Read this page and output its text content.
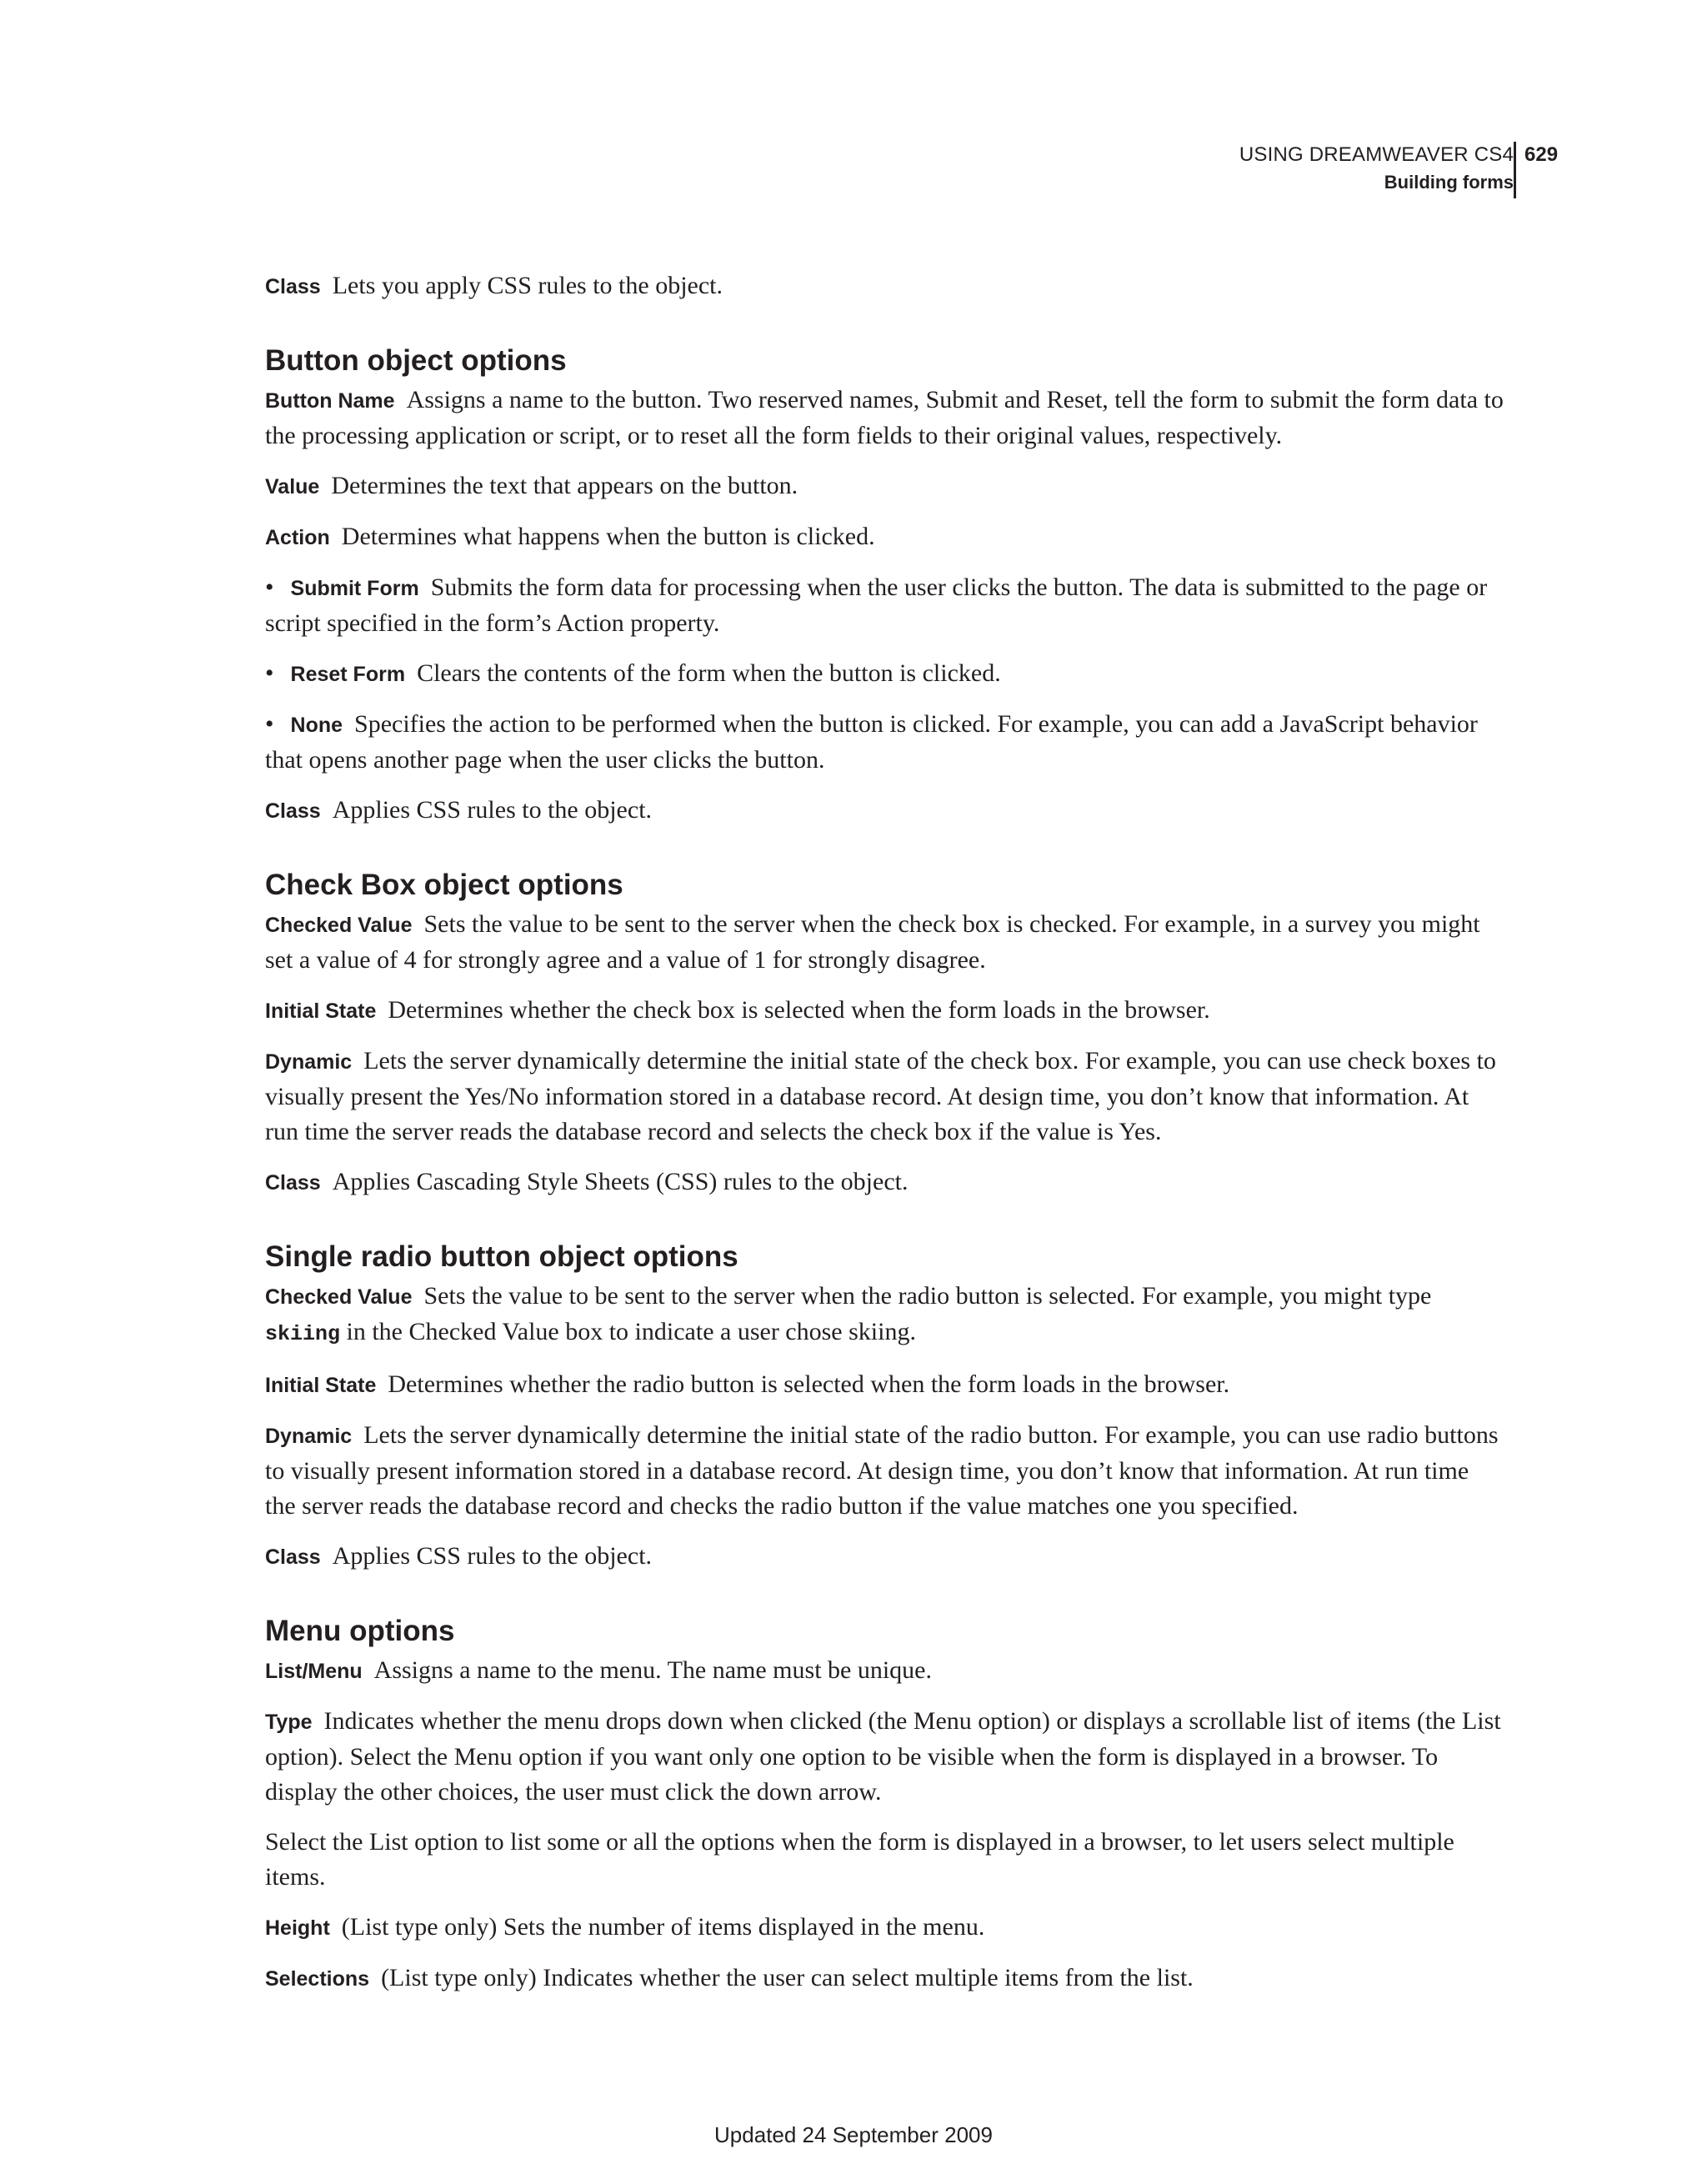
USING DREAMWEAVER CS4
Building forms
629

Class Lets you apply CSS rules to the object.

Button object options

Button Name Assigns a name to the button. Two reserved names, Submit and Reset, tell the form to submit the form data to the processing application or script, or to reset all the form fields to their original values, respectively.

Value Determines the text that appears on the button.

Action Determines what happens when the button is clicked.

• Submit Form Submits the form data for processing when the user clicks the button. The data is submitted to the page or script specified in the form’s Action property.

• Reset Form Clears the contents of the form when the button is clicked.

• None Specifies the action to be performed when the button is clicked. For example, you can add a JavaScript behavior that opens another page when the user clicks the button.

Class Applies CSS rules to the object.

Check Box object options

Checked Value Sets the value to be sent to the server when the check box is checked. For example, in a survey you might set a value of 4 for strongly agree and a value of 1 for strongly disagree.

Initial State Determines whether the check box is selected when the form loads in the browser.

Dynamic Lets the server dynamically determine the initial state of the check box. For example, you can use check boxes to visually present the Yes/No information stored in a database record. At design time, you don’t know that information. At run time the server reads the database record and selects the check box if the value is Yes.

Class Applies Cascading Style Sheets (CSS) rules to the object.

Single radio button object options

Checked Value Sets the value to be sent to the server when the radio button is selected. For example, you might type skiing in the Checked Value box to indicate a user chose skiing.

Initial State Determines whether the radio button is selected when the form loads in the browser.

Dynamic Lets the server dynamically determine the initial state of the radio button. For example, you can use radio buttons to visually present information stored in a database record. At design time, you don’t know that information. At run time the server reads the database record and checks the radio button if the value matches one you specified.

Class Applies CSS rules to the object.

Menu options

List/Menu Assigns a name to the menu. The name must be unique.

Type Indicates whether the menu drops down when clicked (the Menu option) or displays a scrollable list of items (the List option). Select the Menu option if you want only one option to be visible when the form is displayed in a browser. To display the other choices, the user must click the down arrow.

Select the List option to list some or all the options when the form is displayed in a browser, to let users select multiple items.

Height (List type only) Sets the number of items displayed in the menu.

Selections (List type only) Indicates whether the user can select multiple items from the list.

Updated 24 September 2009
